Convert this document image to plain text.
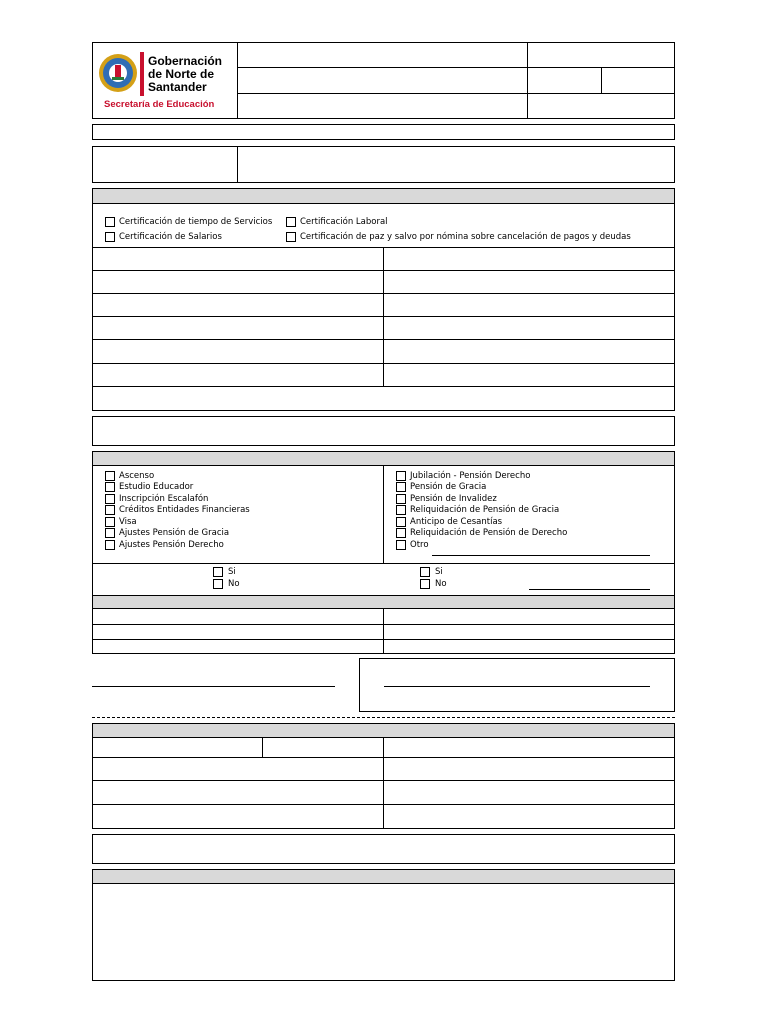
Gobernación
de Norte de
Santander
Secretaría de Educación
Certificación de tiempo de Servicios	Certificación Laboral
Certificación de Salarios	Certificación de paz y salvo por nómina sobre cancelación de pagos y deudas
Ascenso
Estudio Educador
Inscripción Escalafón
Créditos Entidades Financieras
Visa
Ajustes Pensión de Gracia
Ajustes Pensión Derecho
Jubilación - Pensión Derecho
Pensión de Gracia
Pensión de Invalidez
Reliquidación de Pensión de Gracia
Anticipo de Cesantías
Reliquidación de Pensión de Derecho
Otro
Si
No
Si
No
